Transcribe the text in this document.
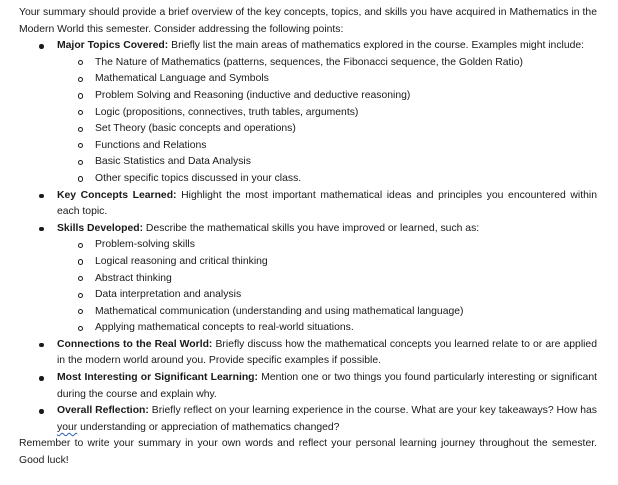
Your summary should provide a brief overview of the key concepts, topics, and skills you have acquired in Mathematics in the Modern World this semester. Consider addressing the following points:

Major Topics Covered: Briefly list the main areas of mathematics explored in the course. Examples might include:
The Nature of Mathematics (patterns, sequences, the Fibonacci sequence, the Golden Ratio)
Mathematical Language and Symbols
Problem Solving and Reasoning (inductive and deductive reasoning)
Logic (propositions, connectives, truth tables, arguments)
Set Theory (basic concepts and operations)
Functions and Relations
Basic Statistics and Data Analysis
Other specific topics discussed in your class.
Key Concepts Learned: Highlight the most important mathematical ideas and principles you encountered within each topic.
Skills Developed: Describe the mathematical skills you have improved or learned, such as:
Problem-solving skills
Logical reasoning and critical thinking
Abstract thinking
Data interpretation and analysis
Mathematical communication (understanding and using mathematical language)
Applying mathematical concepts to real-world situations.
Connections to the Real World: Briefly discuss how the mathematical concepts you learned relate to or are applied in the modern world around you. Provide specific examples if possible.
Most Interesting or Significant Learning: Mention one or two things you found particularly interesting or significant during the course and explain why.
Overall Reflection: Briefly reflect on your learning experience in the course. What are your key takeaways? How has your understanding or appreciation of mathematics changed?

Remember to write your summary in your own words and reflect your personal learning journey throughout the semester. Good luck!
